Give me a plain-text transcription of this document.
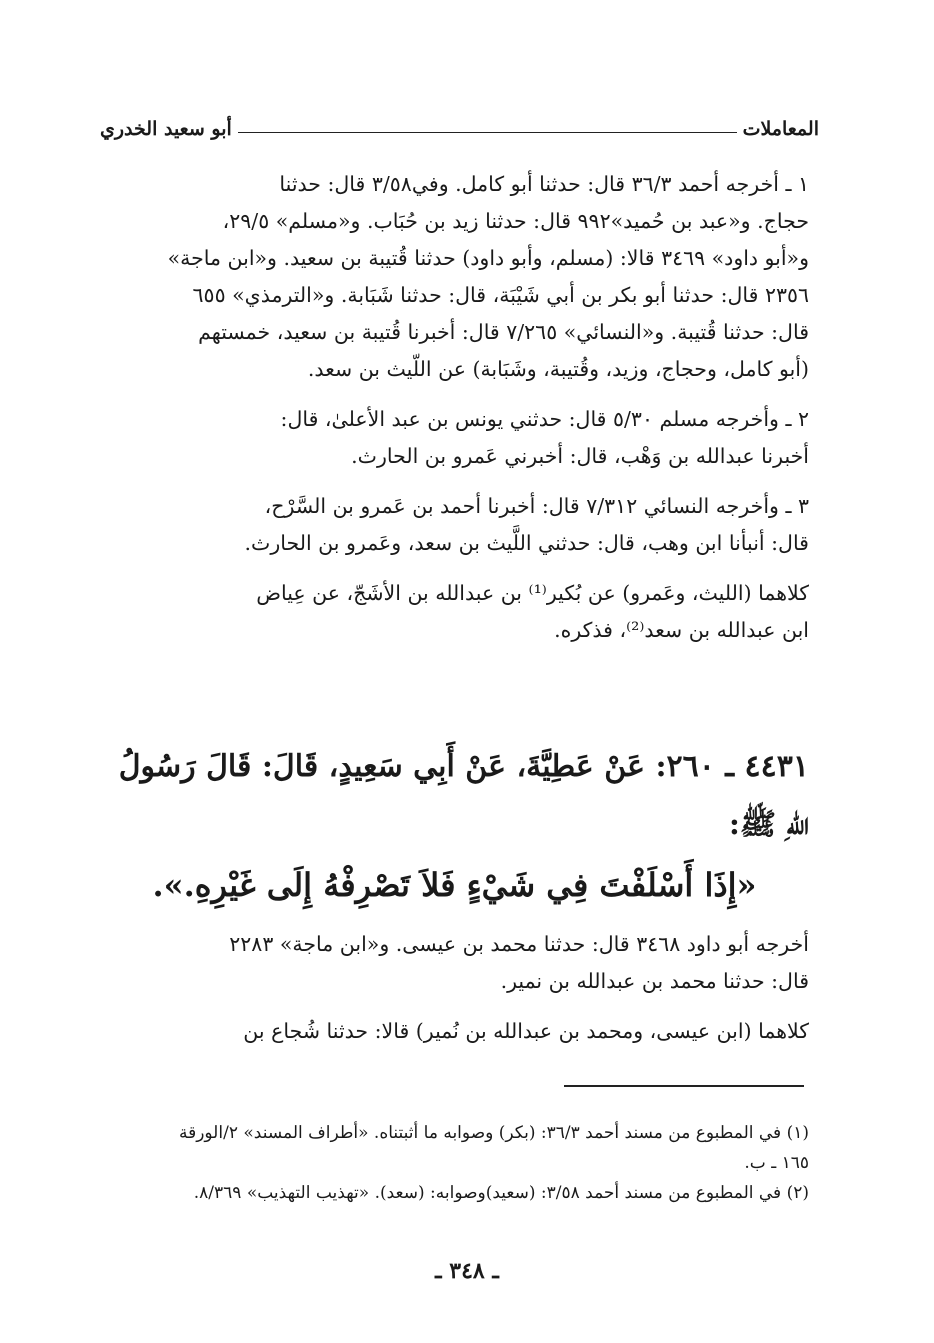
المعاملات
أبو سعيد الخدري

١ ـ أخرجه أحمد ٣٦/٣ قال: حدثنا أبو كامل. وفي٣/٥٨ قال: حدثنا
حجاج. و«عبد بن حُميد»٩٩٢ قال: حدثنا زيد بن حُبَاب. و«مسلم» ٢٩/٥،
و«أبو داود» ٣٤٦٩ قالا: (مسلم، وأبو داود) حدثنا قُتيبة بن سعيد. و«ابن ماجة»
٢٣٥٦ قال: حدثنا أبو بكر بن أبي شَيْبَة، قال: حدثنا شَبَابة. و«الترمذي» ٦٥٥
قال: حدثنا قُتيبة. و«النسائي» ٧/٢٦٥ قال: أخبرنا قُتيبة بن سعيد، خمستهم
(أبو كامل، وحجاج، وزيد، وقُتيبة، وشَبَابة) عن اللّيث بن سعد.

٢ ـ وأخرجه مسلم ٥/٣٠ قال: حدثني يونس بن عبد الأعلىٰ، قال:
أخبرنا عبدالله بن وَهْب، قال: أخبرني عَمرو بن الحارث.

٣ ـ وأخرجه النسائي ٧/٣١٢ قال: أخبرنا أحمد بن عَمرو بن السَّرْح،
قال: أنبأنا ابن وهب، قال: حدثني اللَّيث بن سعد، وعَمرو بن الحارث.

كلاهما (الليث، وعَمرو) عن بُكير⁽¹⁾ بن عبدالله بن الأشَجّ، عن عِياض
ابن عبدالله بن سعد⁽²⁾، فذكره.

٤٤٣١ ـ ٢٦٠: عَنْ عَطِيَّةَ، عَنْ أَبِي سَعِيدٍ، قَالَ: قَالَ رَسُولُ
اللّهِ ﷺ:
«إِذَا أَسْلَفْتَ فِي شَيْءٍ فَلاَ تَصْرِفْهُ إِلَى غَيْرِهِ.».

أخرجه أبو داود ٣٤٦٨ قال: حدثنا محمد بن عيسى. و«ابن ماجة» ٢٢٨٣
قال: حدثنا محمد بن عبدالله بن نمير.

كلاهما (ابن عيسى، ومحمد بن عبدالله بن نُمير) قالا: حدثنا شُجاع بن

(١) في المطبوع من مسند أحمد ٣٦/٣: (بكر) وصوابه ما أثبتناه. «أطراف المسند» ٢/الورقة
١٦٥ ـ ب.
(٢) في المطبوع من مسند أحمد ٣/٥٨: (سعيد)وصوابه: (سعد). «تهذيب التهذيب» ٨/٣٦٩.
ـ ٣٤٨ ـ
